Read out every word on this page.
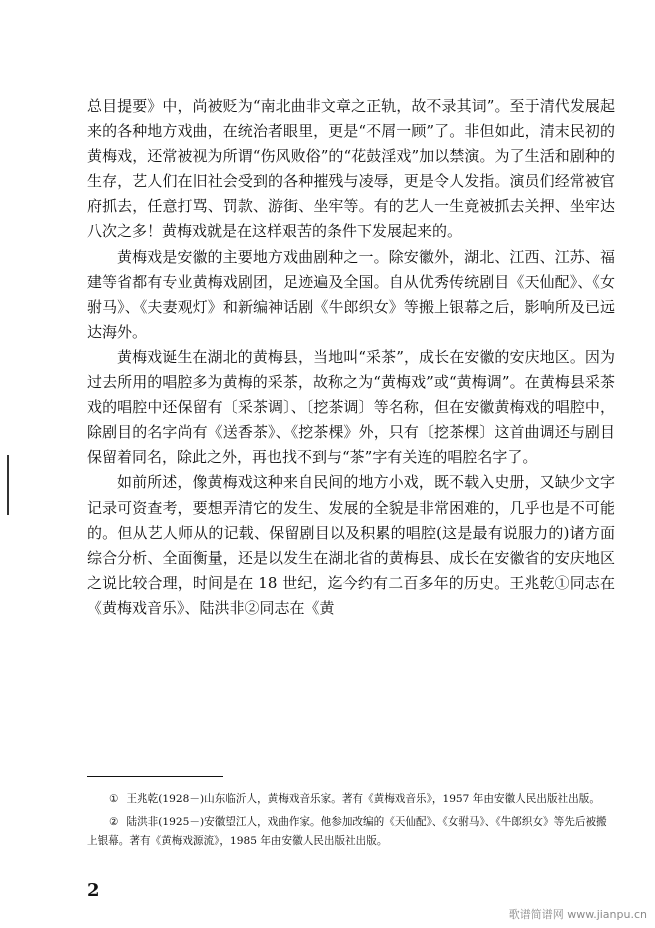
总目提要》中，尚被贬为“南北曲非文章之正轨，故不录其词”。至于清代发展起来的各种地方戏曲，在统治者眼里，更是“不屑一顾”了。非但如此，清末民初的黄梅戏，还常被视为所谓“伤风败俗”的“花鼓淫戏”加以禁演。为了生活和剧种的生存，艺人们在旧社会受到的各种摧残与凌辱，更是令人发指。演员们经常被官府抓去，任意打骂、罚款、游街、坐牢等。有的艺人一生竟被抓去关押、坐牢达八次之多！黄梅戏就是在这样艰苦的条件下发展起来的。

黄梅戏是安徽的主要地方戏曲剧种之一。除安徽外，湖北、江西、江苏、福建等省都有专业黄梅戏剧团，足迹遍及全国。自从优秀传统剧目《天仙配》、《女驸马》、《夫妻观灯》和新编神话剧《牛郎织女》等搬上银幕之后，影响所及已远达海外。

黄梅戏诞生在湖北的黄梅县，当地叫“采茶”，成长在安徽的安庆地区。因为过去所用的唱腔多为黄梅的采茶，故称之为“黄梅戏”或“黄梅调”。在黄梅县采茶戏的唱腔中还保留有〔采茶调〕、〔挖茶调〕等名称，但在安徽黄梅戏的唱腔中，除剧目的名字尚有《送香茶》、《挖茶棵》外，只有〔挖茶棵〕这首曲调还与剧目保留着同名，除此之外，再也找不到与“茶”字有关连的唱腔名字了。

如前所述，像黄梅戏这种来自民间的地方小戏，既不载入史册，又缺少文字记录可资查考，要想弄清它的发生、发展的全貌是非常困难的，几乎也是不可能的。但从艺人师从的记载、保留剧目以及积累的唱腔(这是最有说服力的)诸方面综合分析、全面衡量，还是以发生在湖北省的黄梅县、成长在安徽省的安庆地区之说比较合理，时间是在 18 世纪，迄今约有二百多年的历史。王兆乾①同志在《黄梅戏音乐》、陆洪非②同志在《黄

① 王兆乾(1928－)山东临沂人，黄梅戏音乐家。著有《黄梅戏音乐》，1957 年由安徽人民出版社出版。

② 陆洪非(1925－)安徽望江人，戏曲作家。他参加改编的《天仙配》、《女驸马》、《牛郎织女》等先后被搬上银幕。著有《黄梅戏源流》，1985 年由安徽人民出版社出版。

2
歌谱简谱网 www.jianpu.cn
